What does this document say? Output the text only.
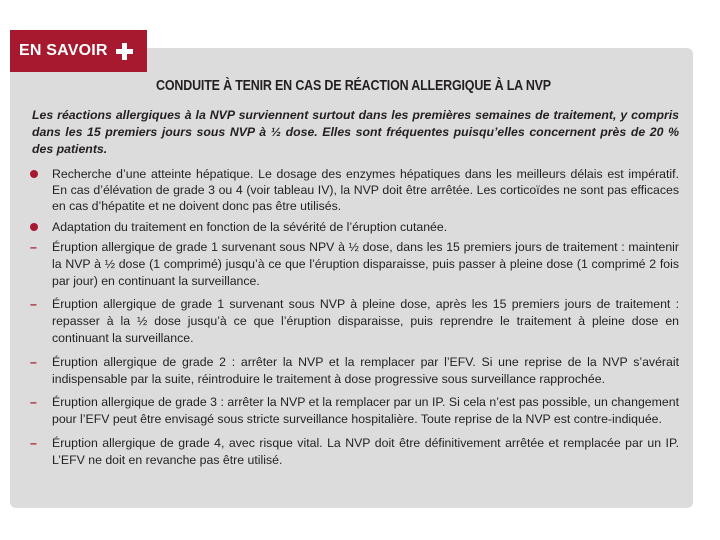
EN SAVOIR
CONDUITE À TENIR EN CAS DE RÉACTION ALLERGIQUE À LA NVP

Les réactions allergiques à la NVP surviennent surtout dans les premières semaines de traitement, y compris dans les 15 premiers jours sous NVP à ½ dose. Elles sont fréquentes puisqu’elles concernent près de 20 % des patients.

Recherche d’une atteinte hépatique. Le dosage des enzymes hépatiques dans les meilleurs délais est impératif. En cas d’élévation de grade 3 ou 4 (voir tableau IV), la NVP doit être arrêtée. Les corticoïdes ne sont pas efficaces en cas d’hépatite et ne doivent donc pas être utilisés.
Adaptation du traitement en fonction de la sévérité de l’éruption cutanée.
– Éruption allergique de grade 1 survenant sous NPV à ½ dose, dans les 15 premiers jours de traitement : maintenir la NVP à ½ dose (1 comprimé) jusqu’à ce que l’éruption disparaisse, puis passer à pleine dose (1 comprimé 2 fois par jour) en continuant la surveillance.
– Éruption allergique de grade 1 survenant sous NVP à pleine dose, après les 15 premiers jours de traitement : repasser à la ½ dose jusqu’à ce que l’éruption disparaisse, puis reprendre le traitement à pleine dose en continuant la surveillance.
– Éruption allergique de grade 2 : arrêter la NVP et la remplacer par l’EFV. Si une reprise de la NVP s’avérait indispensable par la suite, réintroduire le traitement à dose progressive sous surveillance rapprochée.
– Éruption allergique de grade 3 : arrêter la NVP et la remplacer par un IP. Si cela n’est pas possible, un changement pour l’EFV peut être envisagé sous stricte surveillance hospitalière. Toute reprise de la NVP est contre-indiquée.
– Éruption allergique de grade 4, avec risque vital. La NVP doit être définitivement arrêtée et remplacée par un IP. L’EFV ne doit en revanche pas être utilisé.
